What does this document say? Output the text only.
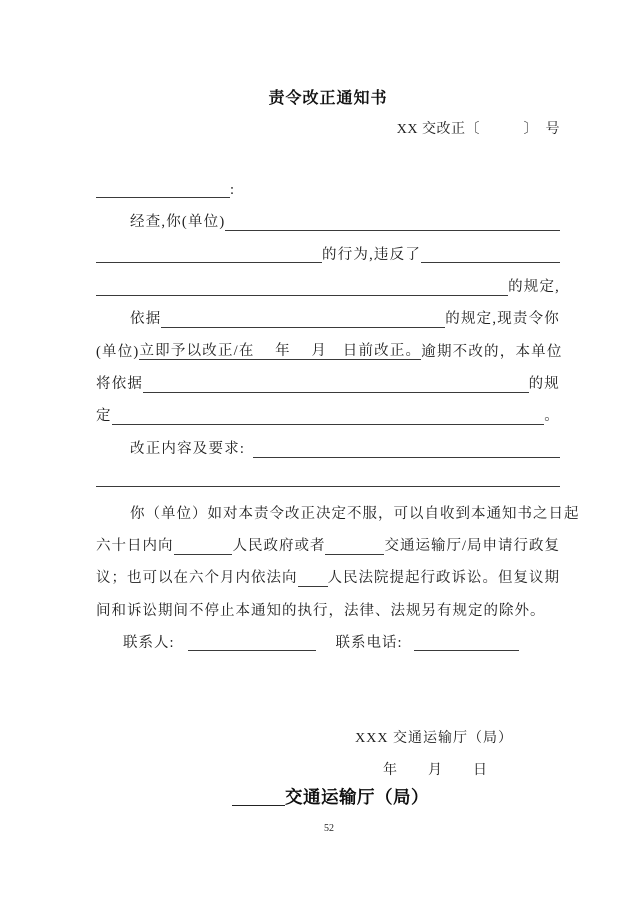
责令改正通知书
XX 交改正〔　　　〕　号
:
经查,你(单位)
的行为,违反了
的规定,
依据	的规定,现责令你
(单位) 立即予以改正/在　 年　 月　日前改正。 逾期不改的，本单位
将依据	的规
定	。
改正内容及要求:
你（单位）如对本责令改正决定不服，可以自收到本通知书之日起
六十日内向	人民政府或者	交通运输厅/局申请行政复
议；也可以在六个月内依法向 人民法院提起行政诉讼。但复议期
间和诉讼期间不停止本通知的执行，法律、法规另有规定的除外。
联系人:	联系电话:
XXX 交通运输厅（局）
年　　月　　日
交通运输厅（局）
52
